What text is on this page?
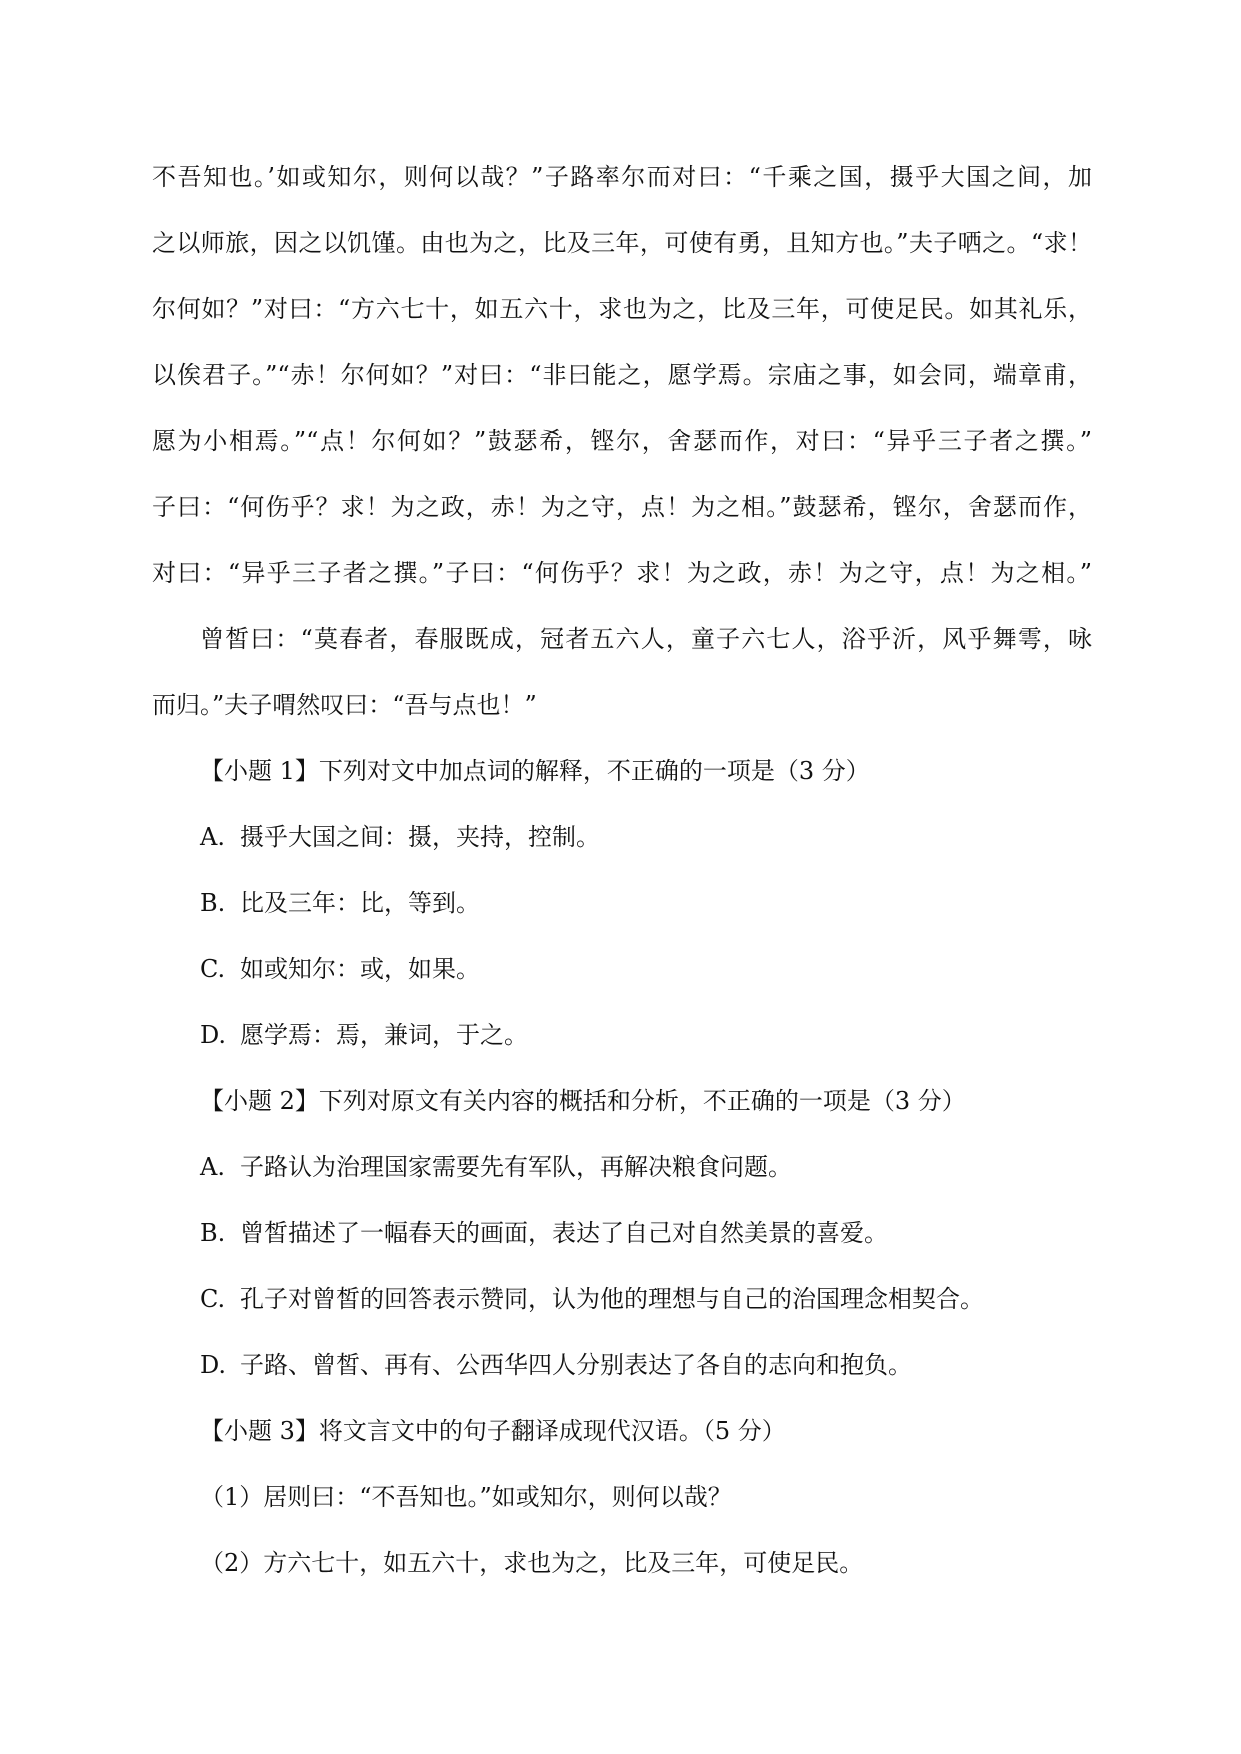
不吾知也。’如或知尔，则何以哉？”子路率尔而对曰：“千乘之国，摄乎大国之间，加

之以师旅，因之以饥馑。由也为之，比及三年，可使有勇，且知方也。”夫子哂之。“求！

尔何如？”对曰：“方六七十，如五六十，求也为之，比及三年，可使足民。如其礼乐，

以俟君子。”“赤！尔何如？”对曰：“非曰能之，愿学焉。宗庙之事，如会同，端章甫，

愿为小相焉。”“点！尔何如？”鼓瑟希，铿尔，舍瑟而作，对曰：“异乎三子者之撰。”

子曰：“何伤乎？求！为之政，赤！为之守，点！为之相。”鼓瑟希，铿尔，舍瑟而作，

对曰：“异乎三子者之撰。”子曰：“何伤乎？求！为之政，赤！为之守，点！为之相。”

曾皙曰：“莫春者，春服既成，冠者五六人，童子六七人，浴乎沂，风乎舞雩，咏

而归。”夫子喟然叹曰：“吾与点也！”

【小题 1】下列对文中加点词的解释，不正确的一项是（3 分）

A. 摄乎大国之间：摄，夹持，控制。

B. 比及三年：比，等到。

C. 如或知尔：或，如果。

D. 愿学焉：焉，兼词，于之。

【小题 2】下列对原文有关内容的概括和分析，不正确的一项是（3 分）

A. 子路认为治理国家需要先有军队，再解决粮食问题。

B. 曾皙描述了一幅春天的画面，表达了自己对自然美景的喜爱。

C. 孔子对曾皙的回答表示赞同，认为他的理想与自己的治国理念相契合。

D. 子路、曾皙、再有、公西华四人分别表达了各自的志向和抱负。

【小题 3】将文言文中的句子翻译成现代汉语。（5 分）

（1）居则曰：“不吾知也。”如或知尔，则何以哉？

（2）方六七十，如五六十，求也为之，比及三年，可使足民。
